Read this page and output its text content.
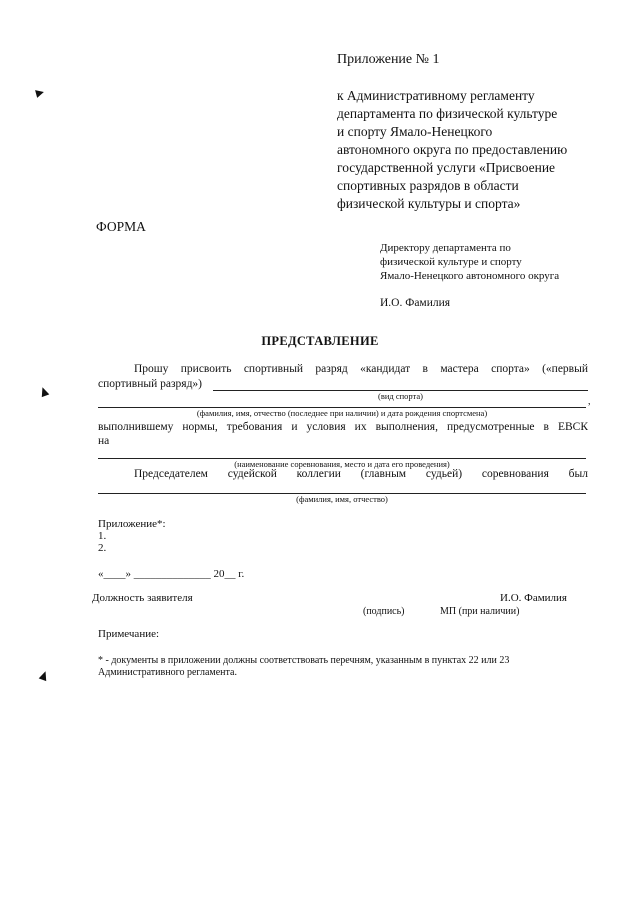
Приложение № 1
к Административному регламенту
департамента по физической культуре
и спорту Ямало-Ненецкого
автономного округа по предоставлению
государственной услуги «Присвоение
спортивных разрядов в области
физической культуры и спорта»
ФОРМА
Директору департамента по
физической культуре и спорту
Ямало-Ненецкого автономного округа
И.О. Фамилия
ПРЕДСТАВЛЕНИЕ
Прошу присвоить спортивный разряд «кандидат в мастера спорта» («первый
спортивный разряд»)
(вид спорта)	,
(фамилия, имя, отчество (последнее при наличии) и дата рождения спортсмена)
выполнившему нормы, требования и условия их выполнения, предусмотренные в ЕВСК
на
(наименование соревнования, место и дата его проведения)
Председателем судейской коллегии (главным судьей) соревнования был
(фамилия, имя, отчество)
Приложение*:
1.
2.
«____» ______________ 20__ г.
Должность заявителя	И.О. Фамилия
(подпись)	МП (при наличии)
Примечание:
* - документы в приложении должны соответствовать перечням, указанным в пунктах 22 или 23
Административного регламента.
